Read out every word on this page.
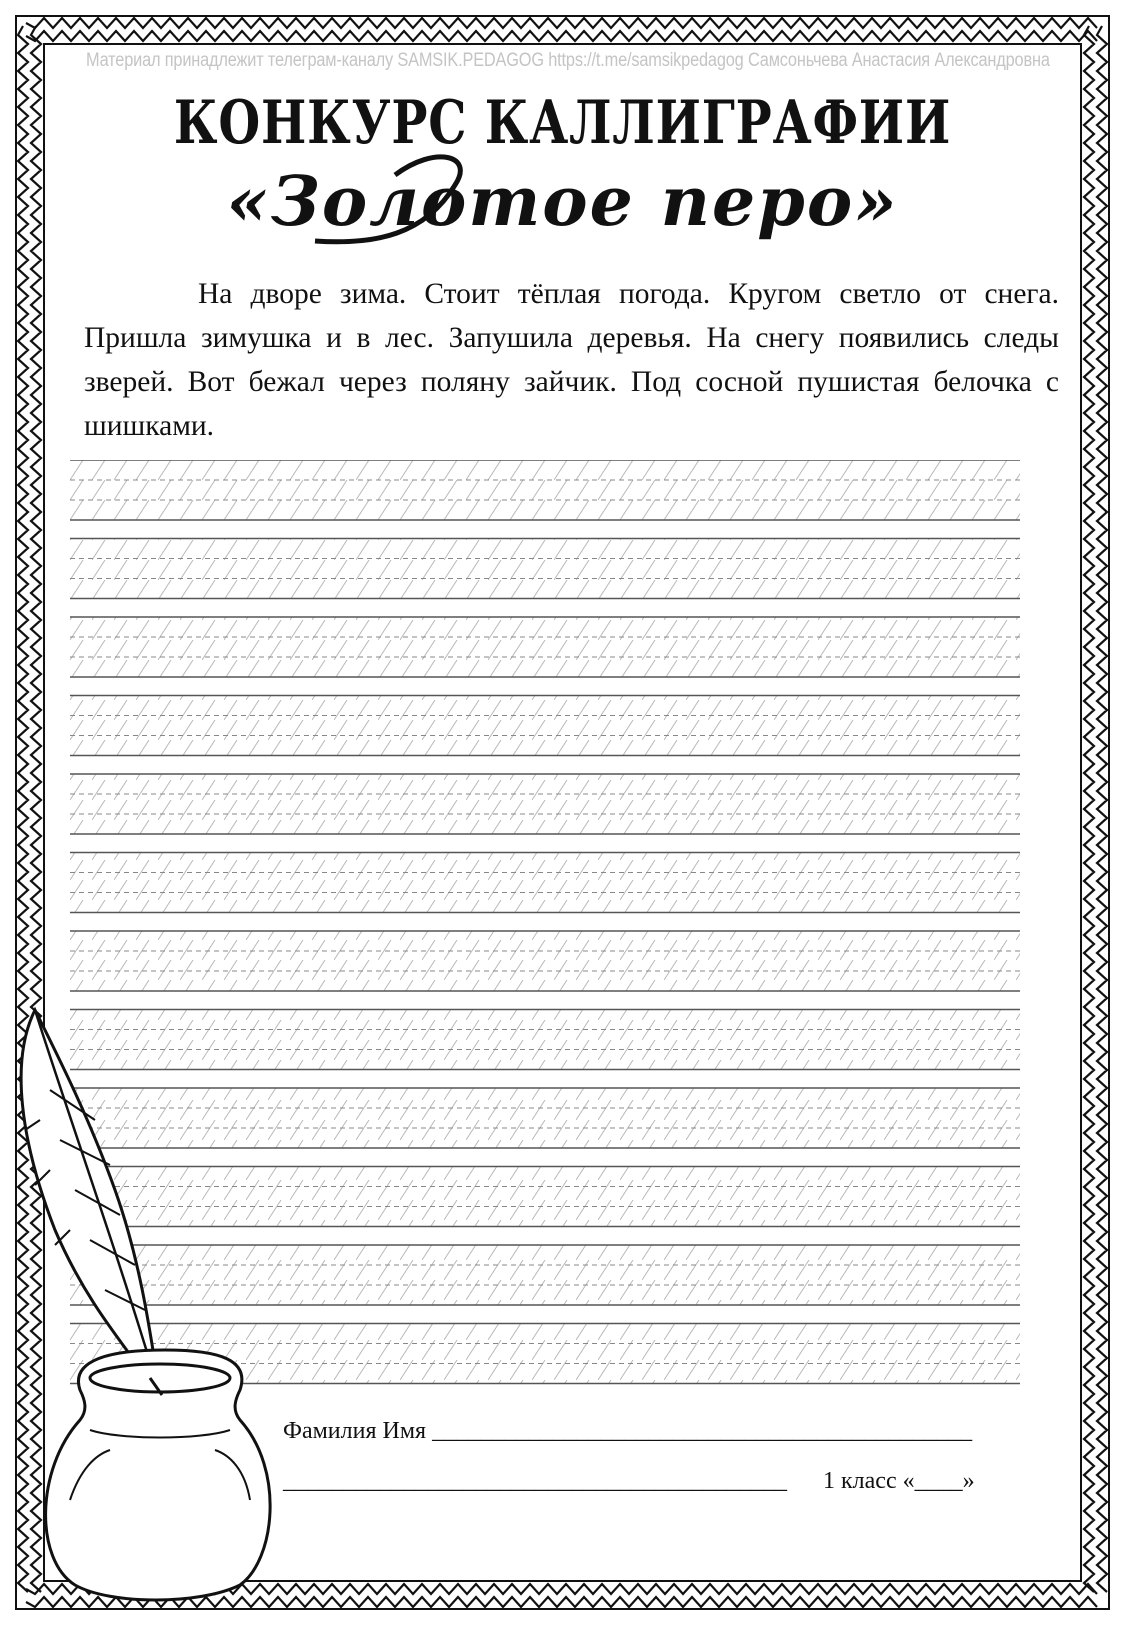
Материал принадлежит телеграм-каналу SAMSIK.PEDAGOG https://t.me/samsikpedagog Самсоньчева Анастасия Александровна
КОНКУРС КАЛЛИГРАФИИ
«Золотое перо»
На дворе зима. Стоит тёплая погода. Кругом светло от снега. Пришла зимушка и в лес. Запушила деревья. На снегу появились следы зверей. Вот бежал через поляну зайчик. Под сосной пушистая белочка с шишками.
Фамилия Имя _____________________________________________
__________________________________________ 1 класс «____»
